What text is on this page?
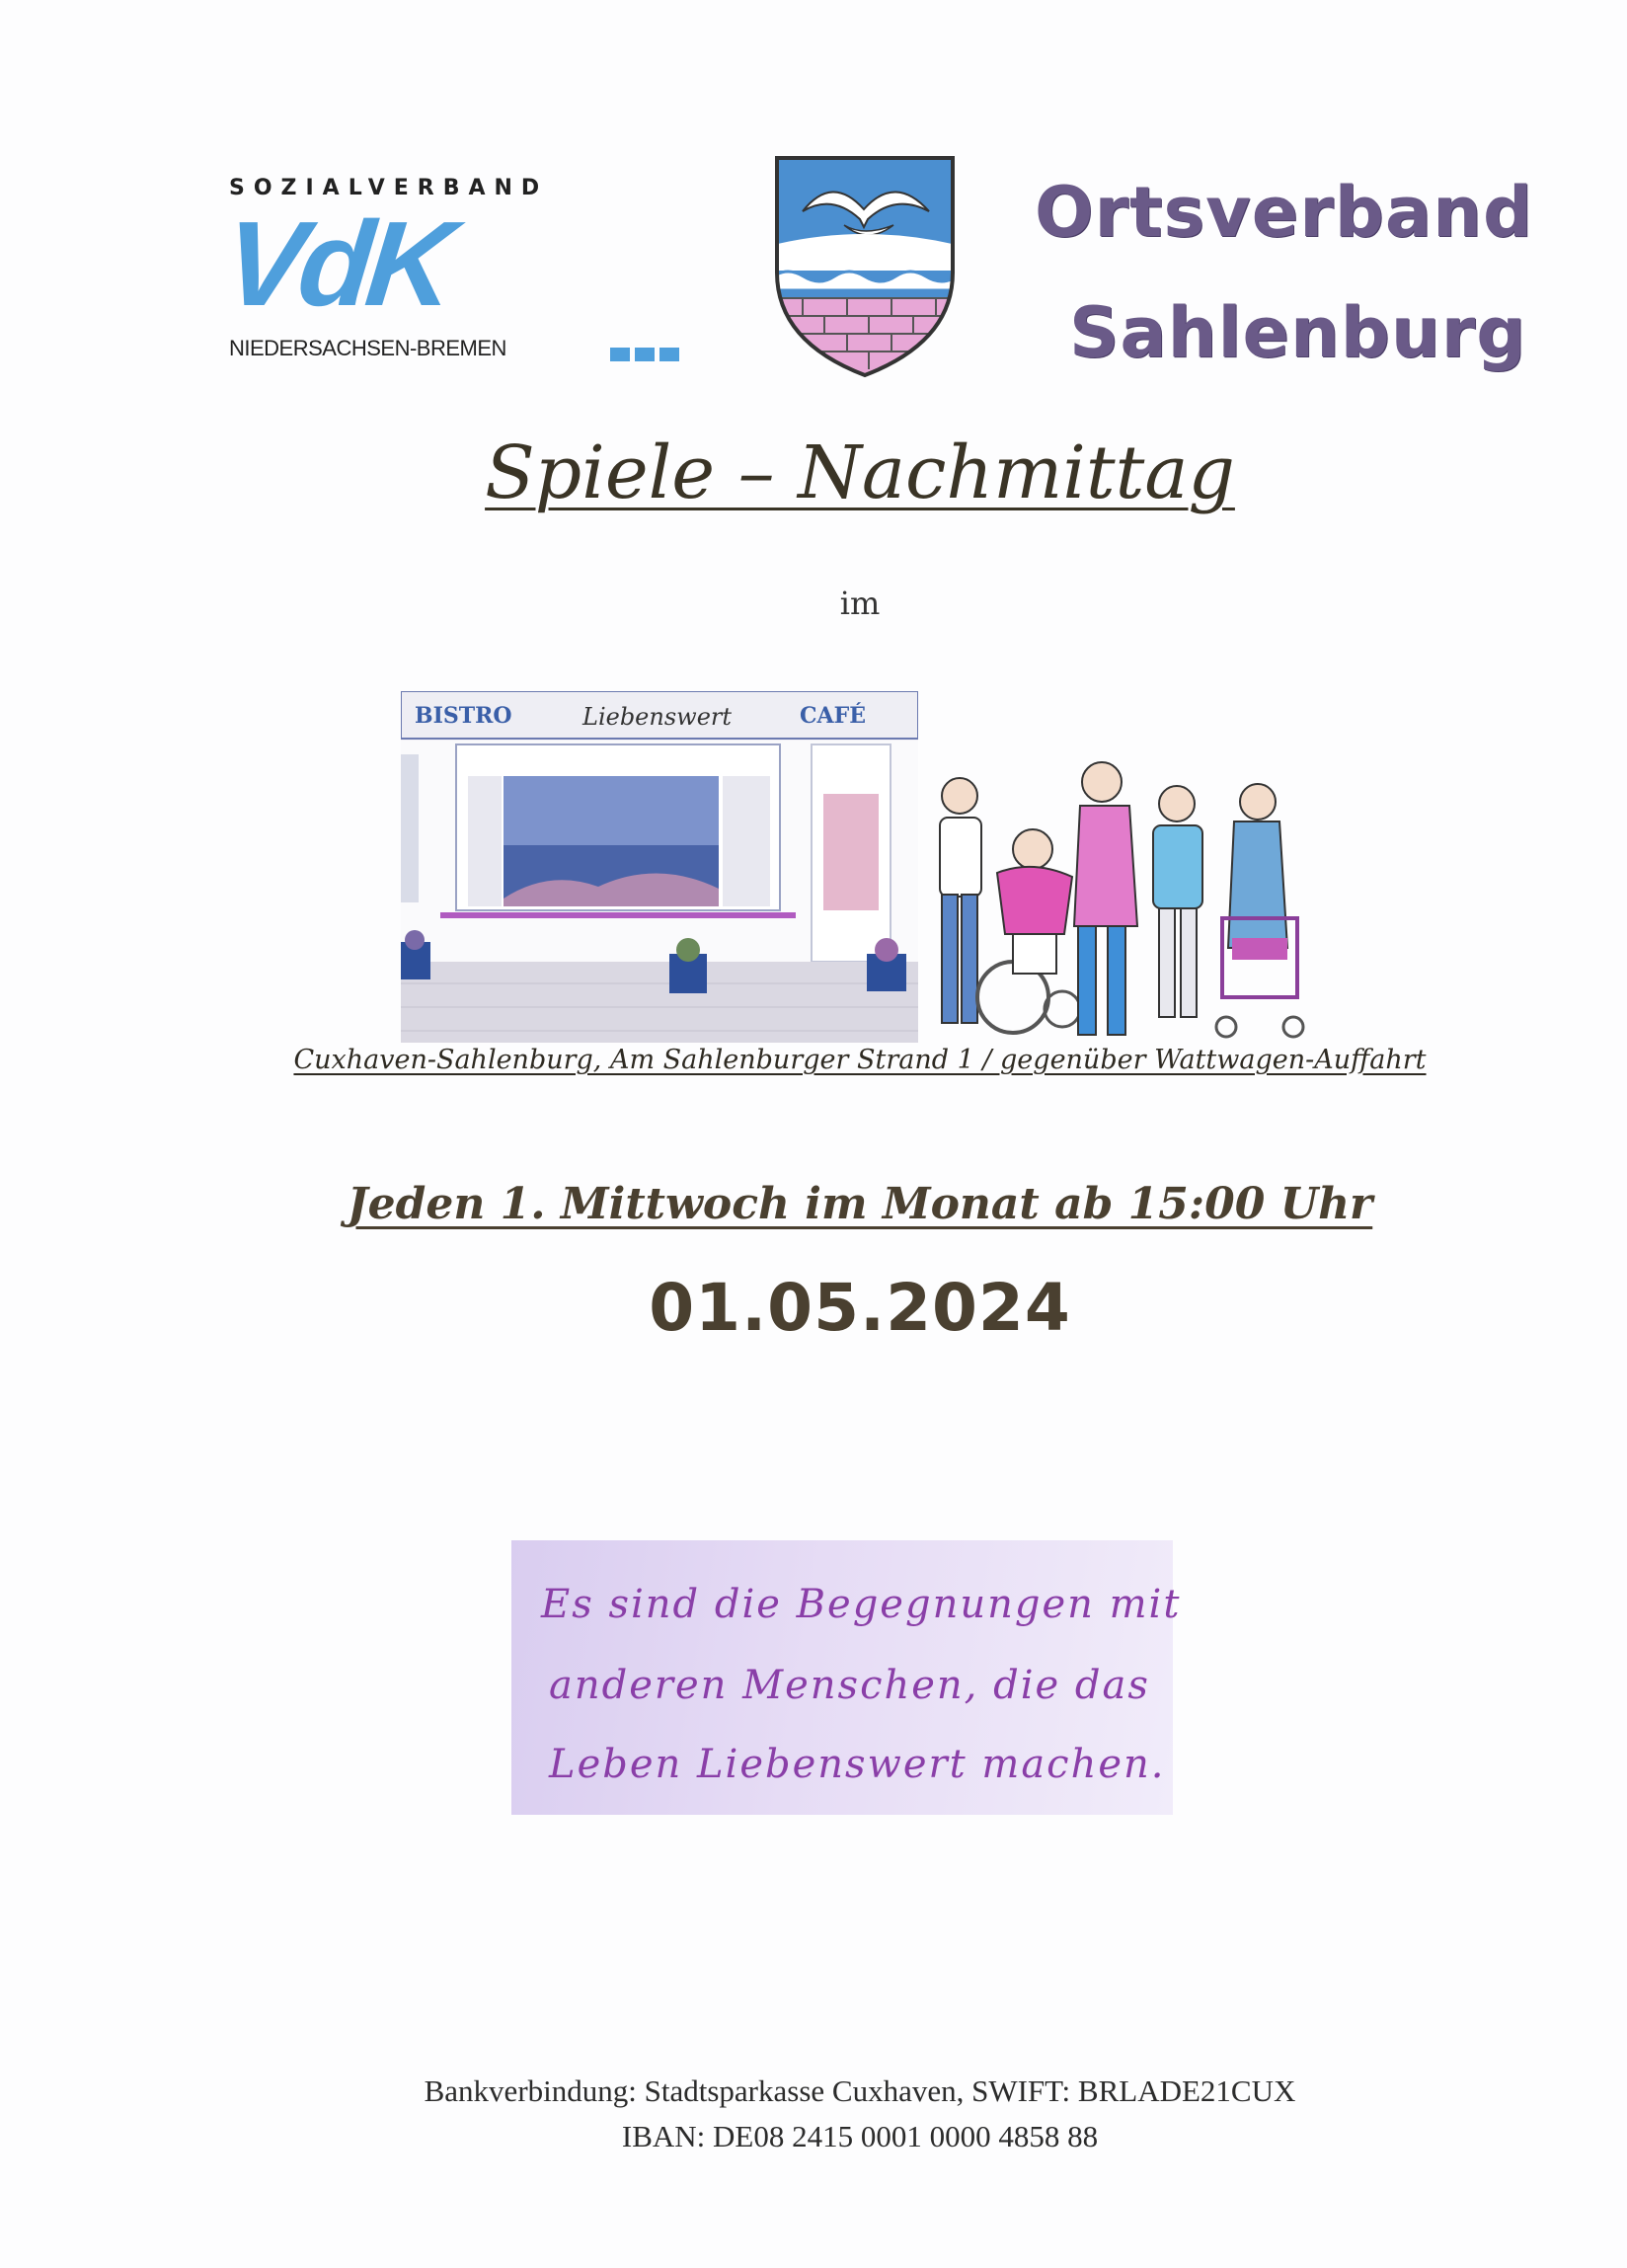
SOZIALVERBAND
VdK
NIEDERSACHSEN-BREMEN
Ortsverband
Sahlenburg
Spiele – Nachmittag
im
BISTRO	Liebenswert	CAFÉ
Cuxhaven-Sahlenburg, Am Sahlenburger Strand 1 / gegenüber Wattwagen-Auffahrt
Jeden 1. Mittwoch im Monat ab 15:00 Uhr
01.05.2024
Es sind die Begegnungen mit
anderen Menschen, die das
Leben Liebenswert machen.
Bankverbindung: Stadtsparkasse Cuxhaven, SWIFT: BRLADE21CUX
IBAN: DE08 2415 0001 0000 4858 88
